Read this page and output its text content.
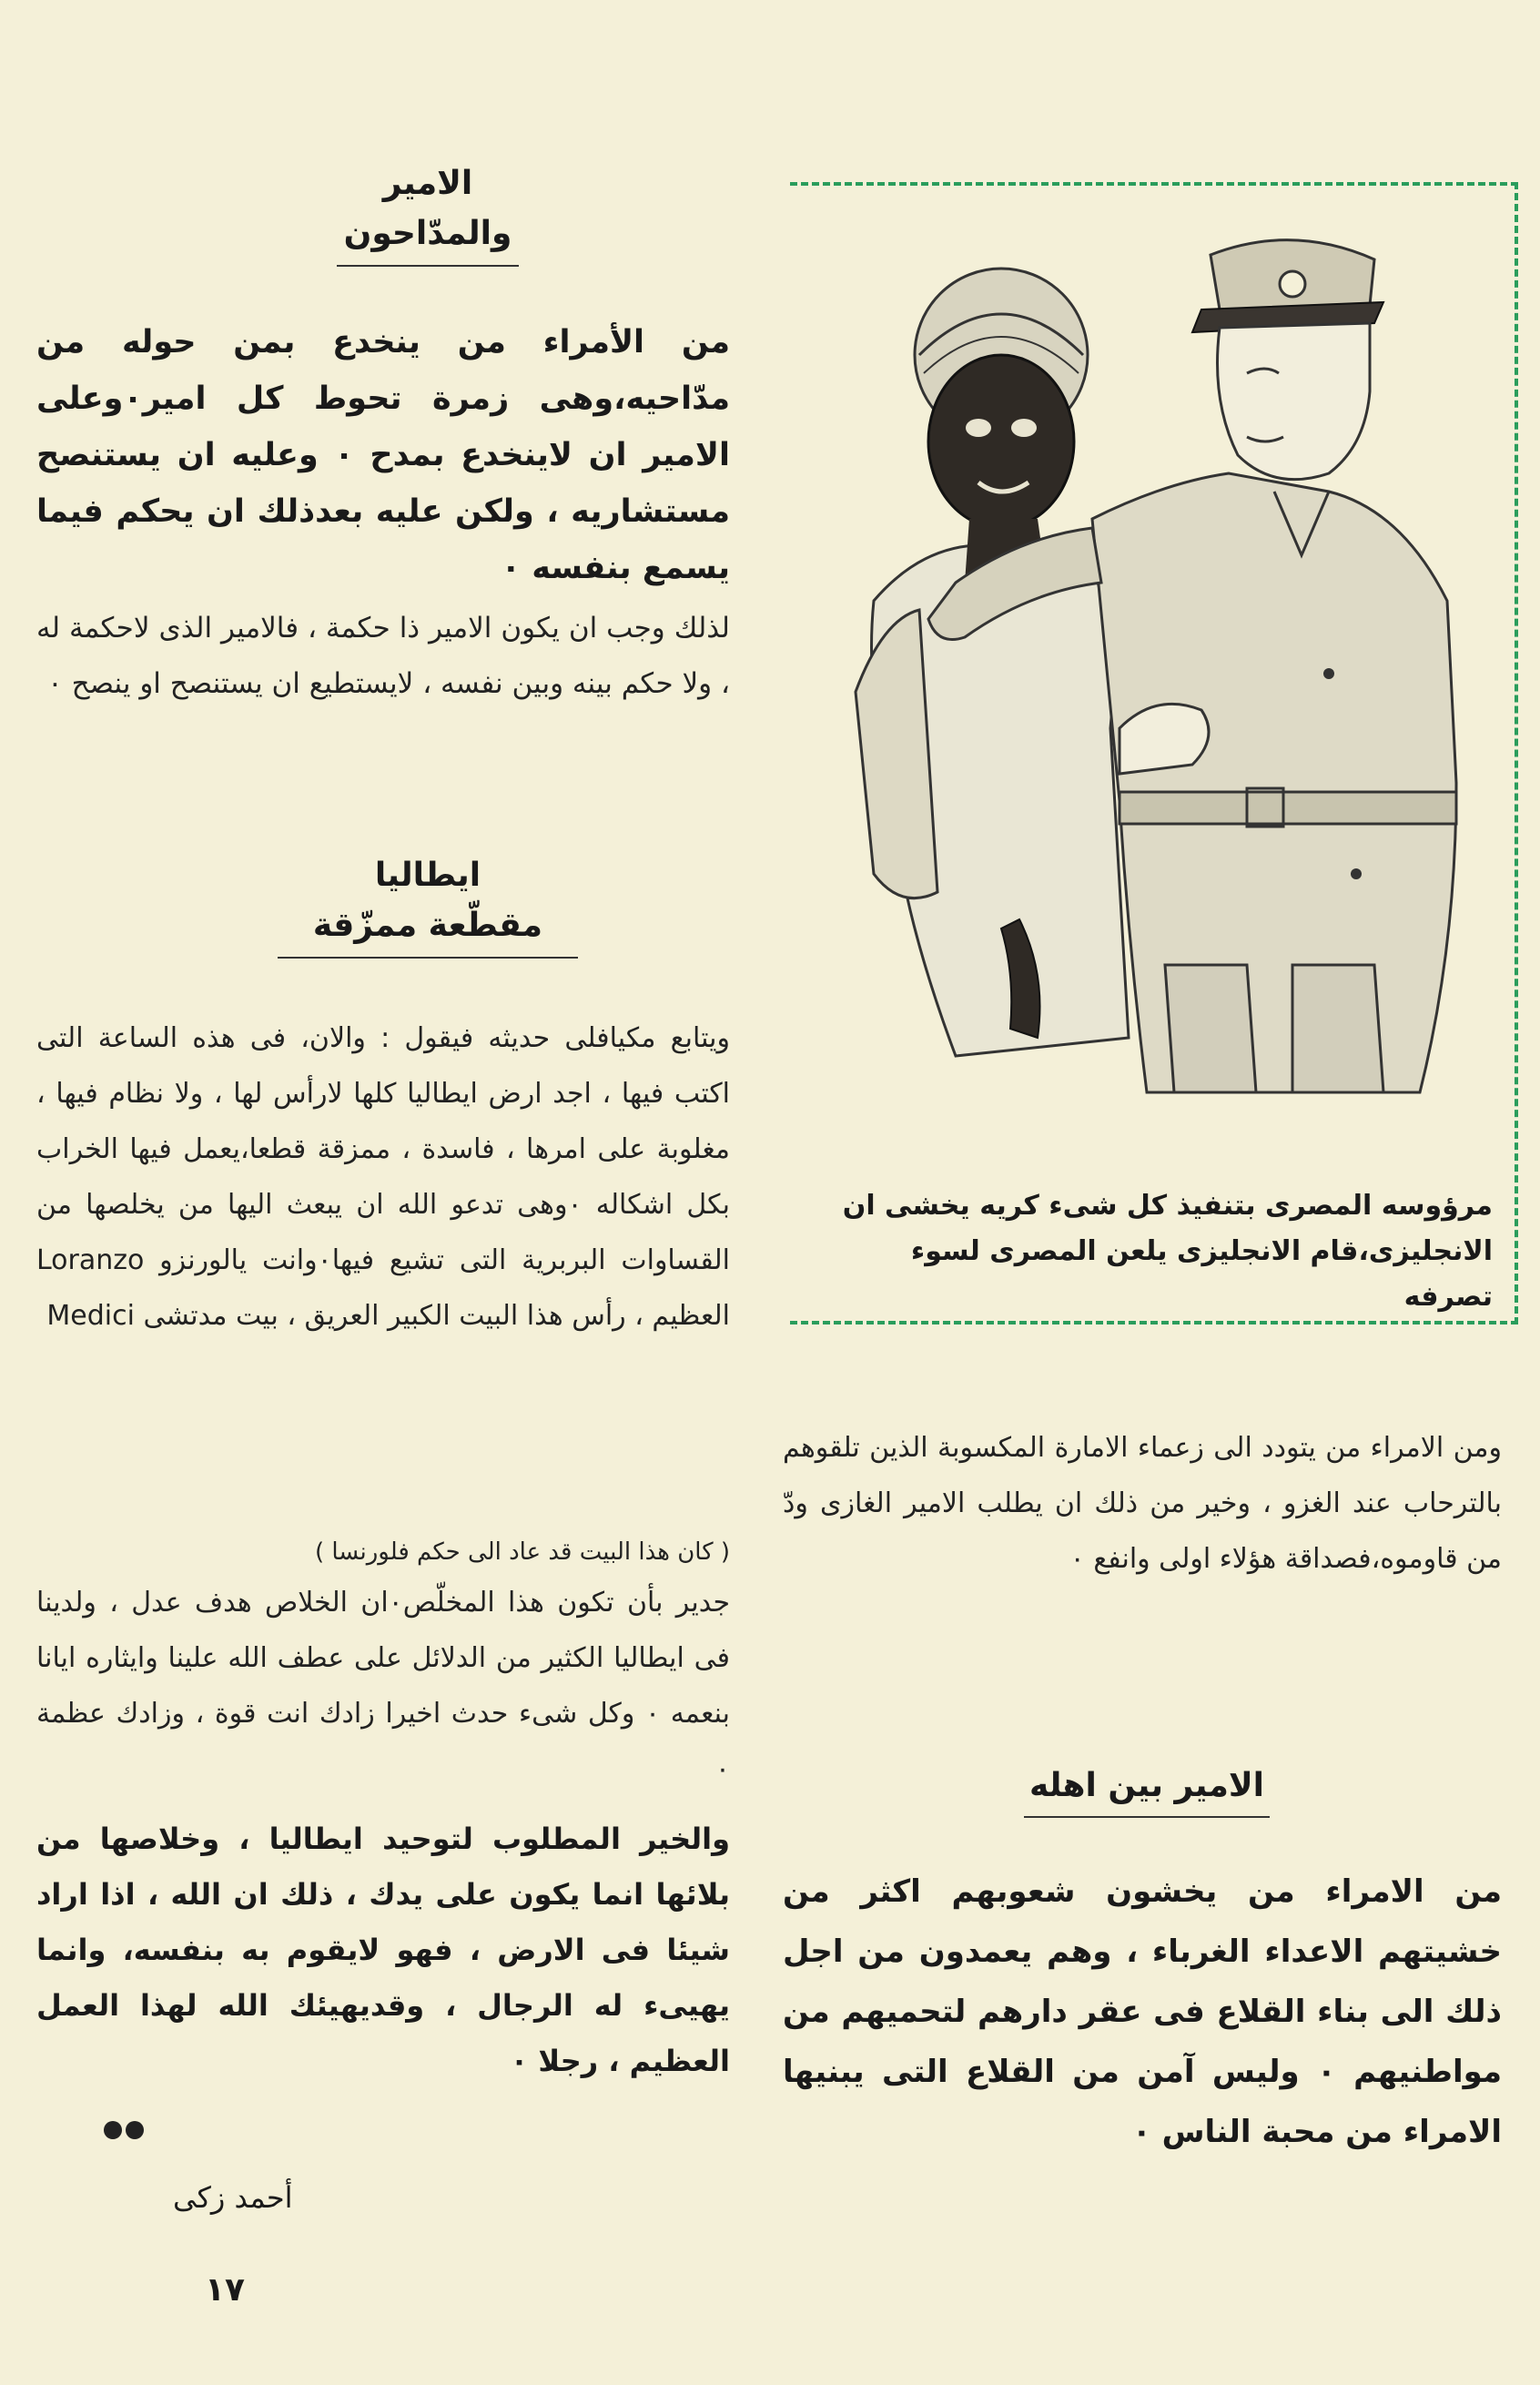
الامير
والمدّاحون
من الأمراء من ينخدع بمن حوله من مدّاحيه،وهى زمرة تحوط كل امير٠وعلى الامير ان لاينخدع بمدح ٠ وعليه ان يستنصح مستشاريه ، ولكن عليه بعدذلك ان يحكم فيما يسمع بنفسه ٠
لذلك وجب ان يكون الامير ذا حكمة ، فالامير الذى لاحكمة له ، ولا حكم بينه وبين نفسه ، لايستطيع ان يستنصح او ينصح ٠
ايطاليا
مقطّعة ممزّقة
ويتابع مكيافلى حديثه فيقول : والان، فى هذه الساعة التى اكتب فيها ، اجد ارض ايطاليا كلها لارأس لها ، ولا نظام فيها ، مغلوبة على امرها ، فاسدة ، ممزقة قطعا،يعمل فيها الخراب بكل اشكاله ٠وهى تدعو الله ان يبعث اليها من يخلصها من القساوات البربرية التى تشيع فيها٠وانت يالورنزو Loranzo العظيم ، رأس هذا البيت الكبير العريق ، بيت مدتشى Medici
( كان هذا البيت قد عاد الى حكم فلورنسا )
جدير بأن تكون هذا المخلّص٠ان الخلاص هدف عدل ، ولدينا فى ايطاليا الكثير من الدلائل على عطف الله علينا وايثاره ايانا بنعمه ٠ وكل شىء حدث اخيرا زادك انت قوة ، وزادك عظمة ٠
والخير المطلوب لتوحيد ايطاليا ، وخلاصها من بلائها انما يكون على يدك ، ذلك ان الله ، اذا اراد شيئا فى الارض ، فهو لايقوم به بنفسه، وانما يهيىء له الرجال ، وقديهيئك الله لهذا العمل العظيم ، رجلا ٠
أحمد زكى
١٧
مرؤوسه المصرى بتنفيذ كل شىء كريه يخشى ان الانجليزى،قام الانجليزى يلعن المصرى لسوء تصرفه
ومن الامراء من يتودد الى زعماء الامارة المكسوبة الذين تلقوهم بالترحاب عند الغزو ، وخير من ذلك ان يطلب الامير الغازى ودّ من قاوموه،فصداقة هؤلاء اولى وانفع ٠
الامير بين اهله
من الامراء من يخشون شعوبهم اكثر من خشيتهم الاعداء الغرباء ، وهم يعمدون من اجل ذلك الى بناء القلاع فى عقر دارهم لتحميهم من مواطنيهم ٠ وليس آمن من القلاع التى يبنيها الامراء من محبة الناس ٠
